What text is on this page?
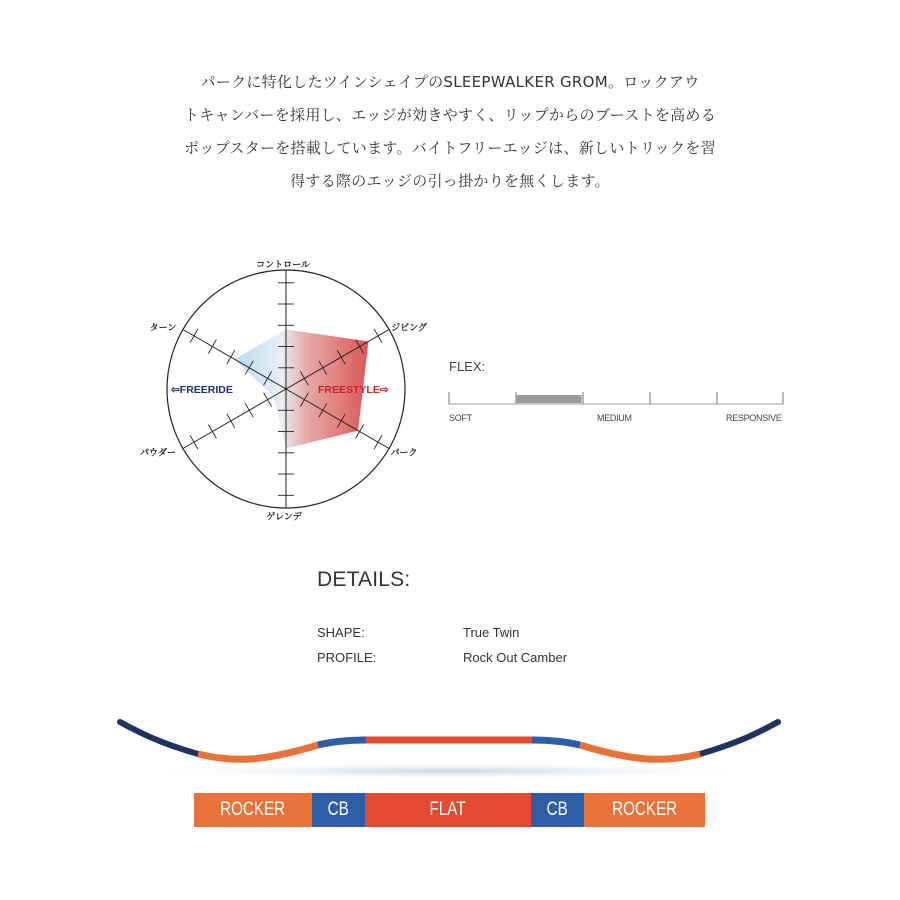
パークに特化したツインシェイプのSLEEPWALKER GROM。ロックアウ
トキャンバーを採用し、エッジが効きやすく、リップからのブーストを高める
ポップスターを搭載しています。バイトフリーエッジは、新しいトリックを習
得する際のエッジの引っ掛かりを無くします。
⇦FREERIDE	FREESTYLE⇨
コントロール
ジビング
パーク
ゲレンデ
パウダー
ターン
FLEX:
SOFT	MEDIUM	RESPONSIVE
DETAILS:
SHAPE:	True Twin
PROFILE:	Rock Out Camber
ROCKER CB	FLAT	CB ROCKER
